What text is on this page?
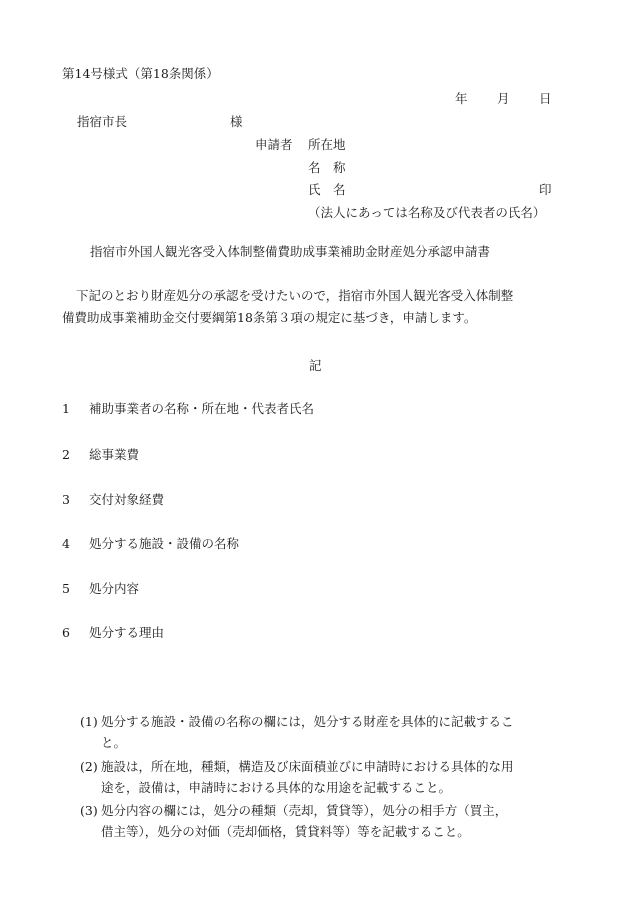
第14号様式（第18条関係）
年 月 日
指宿市長	様
申請者 所在地
名　称
氏　名	印
（法人にあっては名称及び代表者の氏名）
指宿市外国人観光客受入体制整備費助成事業補助金財産処分承認申請書
下記のとおり財産処分の承認を受けたいので，指宿市外国人観光客受入体制整
備費助成事業補助金交付要綱第18条第３項の規定に基づき，申請します。
記
1 補助事業者の名称・所在地・代表者氏名
2 総事業費
3 交付対象経費
4 処分する施設・設備の名称
5 処分内容
6 処分する理由
(1) 処分する施設・設備の名称の欄には，処分する財産を具体的に記載するこ
と。
(2) 施設は，所在地，種類，構造及び床面積並びに申請時における具体的な用
途を，設備は，申請時における具体的な用途を記載すること。
(3) 処分内容の欄には，処分の種類（売却，賃貸等），処分の相手方（買主，
借主等），処分の対価（売却価格，賃貸料等）等を記載すること。
